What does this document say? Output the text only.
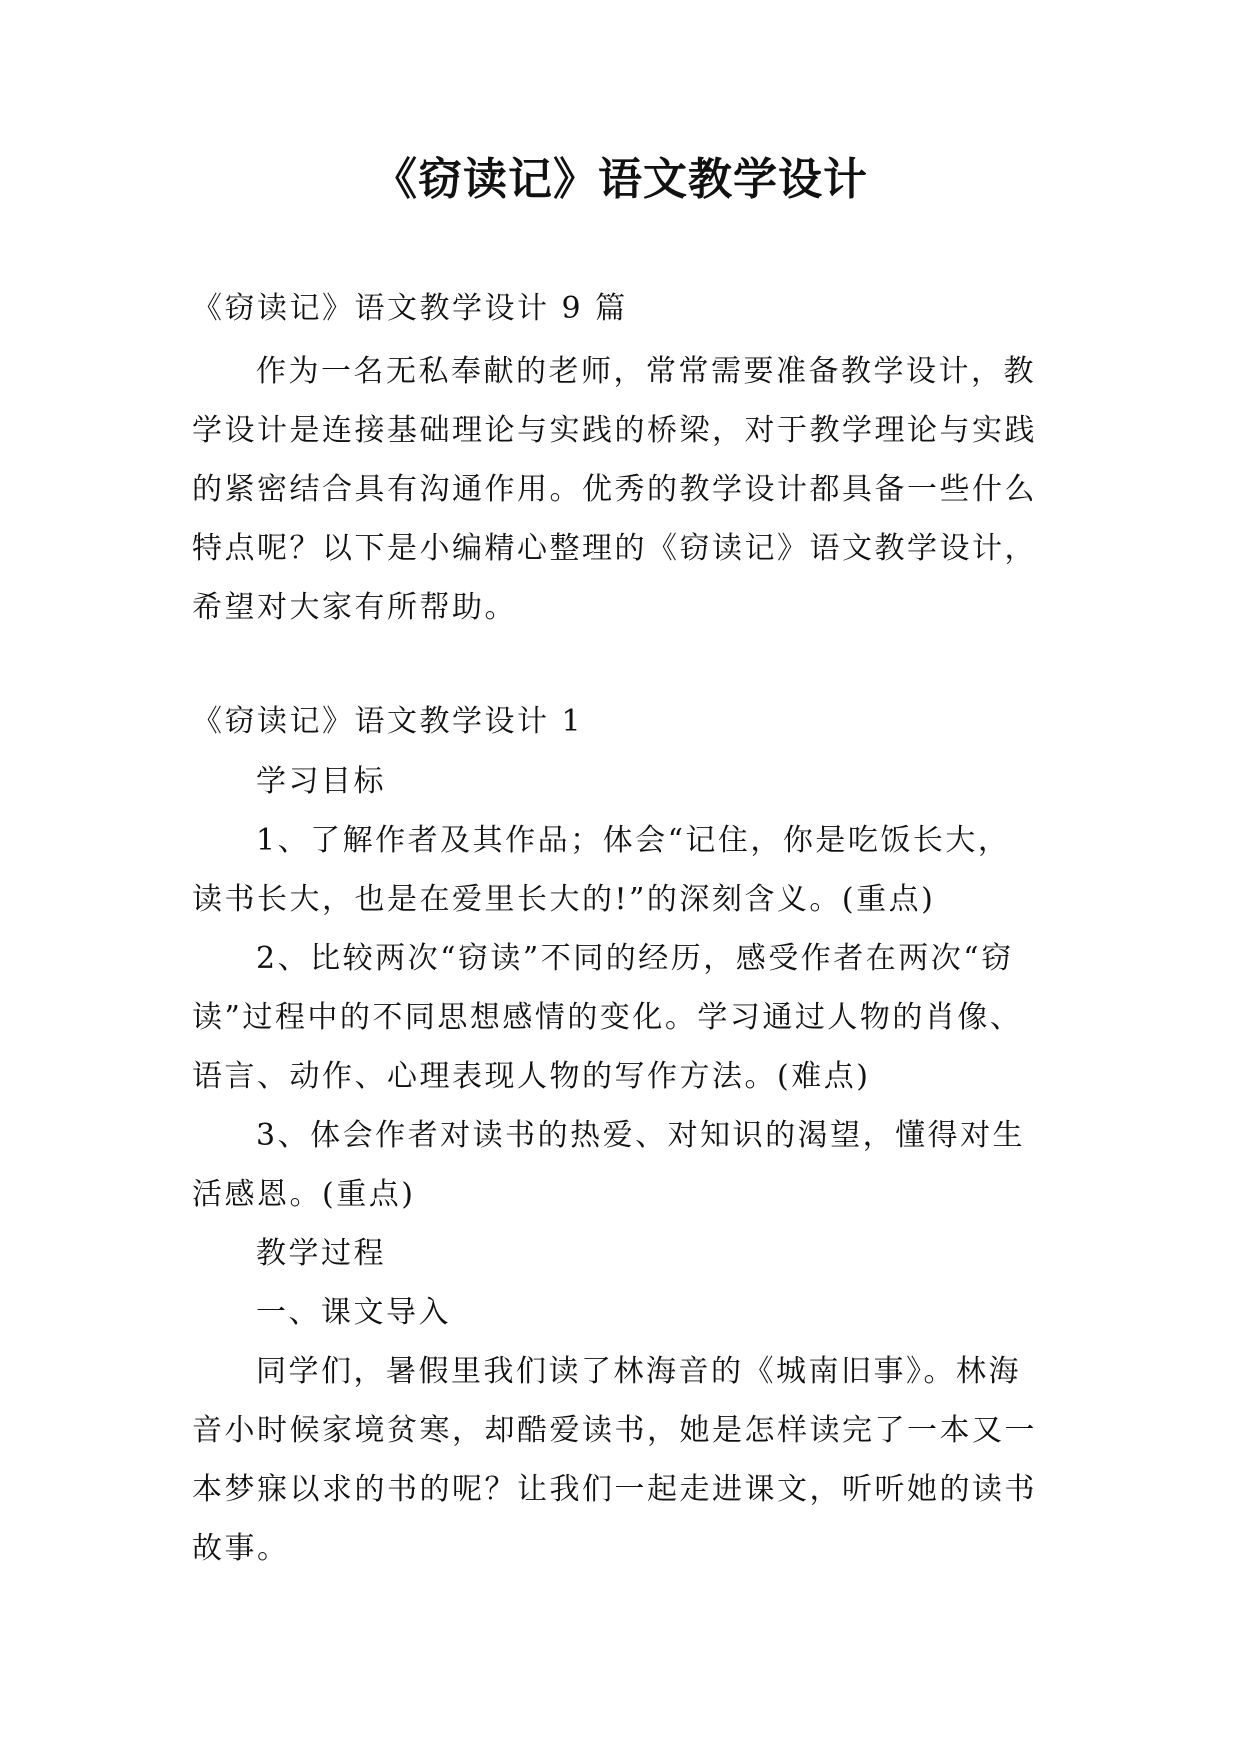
《窃读记》语文教学设计

《窃读记》语文教学设计 9 篇

作为一名无私奉献的老师，常常需要准备教学设计，教

学设计是连接基础理论与实践的桥梁，对于教学理论与实践

的紧密结合具有沟通作用。优秀的教学设计都具备一些什么

特点呢？以下是小编精心整理的《窃读记》语文教学设计，

希望对大家有所帮助。

《窃读记》语文教学设计 1

学习目标

1、了解作者及其作品；体会“记住，你是吃饭长大，

读书长大，也是在爱里长大的!”的深刻含义。(重点)

2、比较两次“窃读”不同的经历，感受作者在两次“窃

读”过程中的不同思想感情的变化。学习通过人物的肖像、

语言、动作、心理表现人物的写作方法。(难点)

3、体会作者对读书的热爱、对知识的渴望，懂得对生

活感恩。(重点)

教学过程

一、课文导入

同学们，暑假里我们读了林海音的《城南旧事》。林海

音小时候家境贫寒，却酷爱读书，她是怎样读完了一本又一

本梦寐以求的书的呢？让我们一起走进课文，听听她的读书

故事。
